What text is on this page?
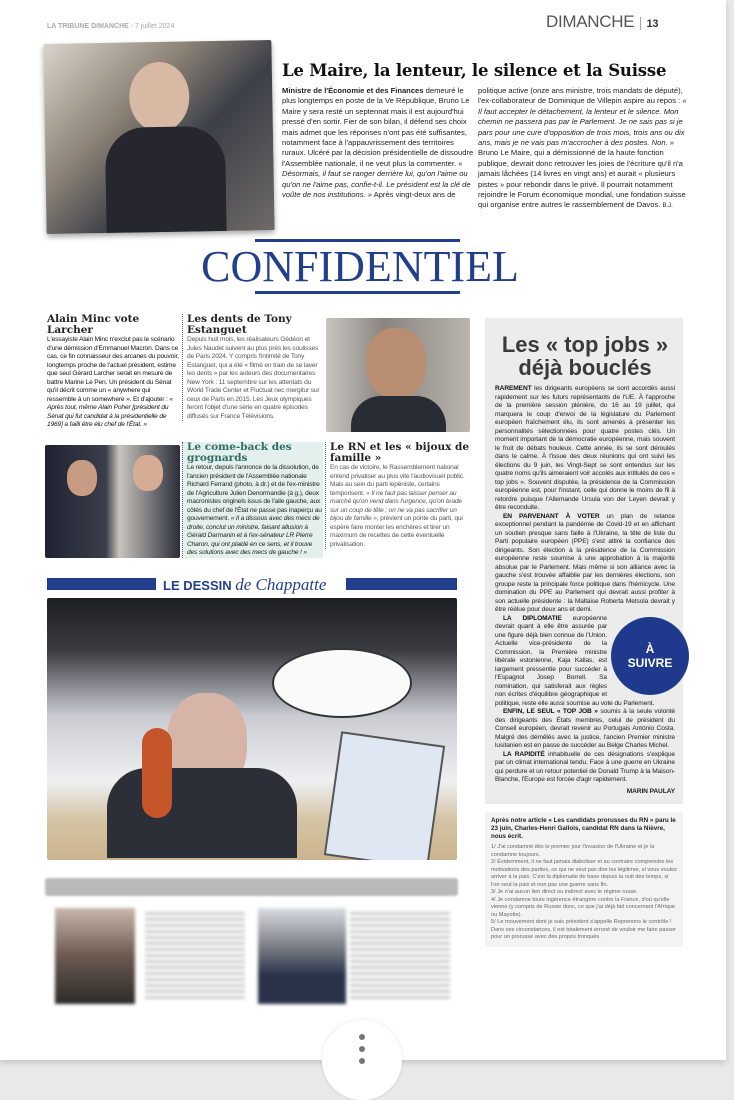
LA TRIBUNE DIMANCHE - 7 juillet 2024	DIMANCHE | 13
Le Maire, la lenteur, le silence et la Suisse
Ministre de l'Économie et des Finances demeuré le plus longtemps en poste de la Ve République, Bruno Le Maire y sera resté un septennat mais il est aujourd'hui pressé d'en sortir. Fier de son bilan, il défend ses choix mais admet que les réponses n'ont pas été suffisantes, notamment face à l'appauvrissement des territoires ruraux. Ulcéré par la décision présidentielle de dissoudre l'Assemblée nationale, il ne veut plus la commenter. « Désormais, il faut se ranger derrière lui, qu'on l'aime ou qu'on ne l'aime pas, confie-t-il. Le président est la clé de voûte de nos institutions. » Après vingt-deux ans de
politique active (onze ans ministre, trois mandats de député), l'ex-collaborateur de Dominique de Villepin aspire au repos : « Il faut accepter le détachement, la lenteur et le silence. Mon chemin ne passera pas par le Parlement. Je ne sais pas si je pars pour une cure d'opposition de trois mois, trois ans ou dix ans, mais je ne vais pas m'accrocher à des postes. Non. » Bruno Le Maire, qui a démissionné de la haute fonction publique, devrait donc retrouver les joies de l'écriture qu'il n'a jamais lâchées (14 livres en vingt ans) et aurait « plusieurs pistes » pour rebondir dans le privé. Il pourrait notamment rejoindre le Forum économique mondial, une fondation suisse qui organise entre autres le rassemblement de Davos. B.J.
CONFIDENTIEL
Alain Minc vote Larcher
L'essayiste Alain Minc n'exclut pas le scénario d'une démission d'Emmanuel Macron. Dans ce cas, ce fin connaisseur des arcanes du pouvoir, longtemps proche de l'actuel président, estime que seul Gérard Larcher serait en mesure de battre Marine Le Pen. Un président du Sénat qu'il décrit comme un « anywhere qui ressemble à un somewhere ». Et d'ajouter : « Après tout, même Alain Poher [président du Sénat qui fut candidat à la présidentielle de 1969] a failli être élu chef de l'État. »
Les dents de Tony Estanguet
Depuis huit mois, les réalisateurs Gédéon et Jules Naudet suivent au plus près les coulisses de Paris 2024. Y compris l'intimité de Tony Estanguet, qui a été « filmé en train de se laver les dents » par les auteurs des documentaires New York : 11 septembre sur les attentats du World Trade Center et Fluctuat nec mergitur sur ceux de Paris en 2015. Les Jeux olympiques feront l'objet d'une série en quatre épisodes diffusés sur France Télévisions.
Le come-back des grognards
Le retour, depuis l'annonce de la dissolution, de l'ancien président de l'Assemblée nationale Richard Ferrand (photo, à dr.) et de l'ex-ministre de l'Agriculture Julien Denormandie (à g.), deux macronistes originels issus de l'aile gauche, aux côtés du chef de l'État ne passe pas inaperçu au gouvernement. « Il a dissous avec des mecs de droite, conclut un ministre, faisant allusion à Gérald Darmanin et à l'ex-sénateur LR Pierre Charon, qui ont plaidé en ce sens, et il trouve des solutions avec des mecs de gauche ! »
Le RN et les « bijoux de famille »
En cas de victoire, le Rassemblement national entend privatiser au plus vite l'audiovisuel public. Mais au sein du parti lepéniste, certains temporisent. « Il ne faut pas laisser penser au marché qu'on vend dans l'urgence, qu'on brade sur un coup de tête ; on ne va pas sacrifier un bijou de famille », prévient un ponte du parti, qui espère faire monter les enchères et tirer un maximum de recettes de cette éventuelle privatisation.
LE DESSIN de Chappatte
Les « top jobs » déjà bouclés

RAREMENT les dirigeants européens se sont accordés aussi rapidement sur les futurs représentants de l'UE. À l'approche de la première session plénière, du 16 au 19 juillet, qui marquera le coup d'envoi de la législature du Parlement européen fraîchement élu, ils sont amenés à présenter les personnalités sélectionnées pour quatre postes clés. Un moment important de la démocratie européenne, mais souvent le fruit de débats houleux. Cette année, ils se sont déroulés dans le calme. À l'issue des deux réunions qui ont suivi les élections du 9 juin, les Vingt-Sept se sont entendus sur les quatre noms qu'ils aimeraient voir accolés aux intitulés de ces « top jobs ». Souvent disputée, la présidence de la Commission européenne est, pour l'instant, celle qui donne le moins de fil à retordre puisque l'Allemande Ursula von der Leyen devrait y être reconduite.

EN PARVENANT À VOTER un plan de relance exceptionnel pendant la pandémie de Covid-19 et en affichant un soutien presque sans faille à l'Ukraine, la tête de liste du Parti populaire européen (PPE) s'est attiré la confiance des dirigeants. Son élection à la présidence de la Commission européenne reste soumise à une approbation à la majorité absolue par le Parlement. Mais même si son alliance avec la gauche s'est trouvée affaiblie par les dernières élections, son groupe reste la principale force politique dans l'hémicycle. Une domination du PPE au Parlement qui devrait aussi profiter à son actuelle présidente : la Maltaise Roberta Metsola devrait y être réélue pour deux ans et demi.

À SUIVRE
LA DIPLOMATIE européenne devrait quant à elle être assurée par une figure déjà bien connue de l'Union. Actuelle vice-présidente de la Commission, la Première ministre libérale estonienne, Kaja Kallas, est largement pressentie pour succéder à l'Espagnol Josep Borrell. Sa nomination, qui satisferait aux règles non écrites d'équilibre géographique et politique, reste elle aussi soumise au vote du Parlement.

ENFIN, LE SEUL « TOP JOB » soumis à la seule volonté des dirigeants des États membres, celui de président du Conseil européen, devrait revenir au Portugais António Costa. Malgré des démêlés avec la justice, l'ancien Premier ministre lusitanien est en passe de succéder au Belge Charles Michel.

LA RAPIDITÉ inhabituelle de ces désignations s'explique par un climat international tendu. Face à une guerre en Ukraine qui perdure et un retour potentiel de Donald Trump à la Maison-Blanche, l'Europe est forcée d'agir rapidement.

MARIN PAULAY

Après notre article « Les candidats prorusses du RN » paru le 23 juin, Charles-Henri Gallois, candidat RN dans la Nièvre, nous écrit.

1/ J'ai condamné dès le premier jour l'invasion de l'Ukraine et je la condamne toujours.

2/ Évidemment, il ne faut jamais diaboliser et au contraire comprendre les motivations des parties, ce qui ne veut pas dire les légitimer, si vous voulez arriver à la paix. C'est la diplomatie de base depuis la nuit des temps, si l'on veut la paix et non pas une guerre sans fin.

3/ Je n'ai aucun lien direct ou indirect avec le régime russe.

4/ Je condamne toute ingérence étrangère contre la France, d'où qu'elle vienne (y compris de Russie donc, ce que j'ai déjà fait concernant l'Afrique ou Mayotte).

5/ Le mouvement dont je suis président s'appelle Reprenons le contrôle !

Dans ces circonstances, il est totalement erroné de vouloir me faire passer pour un prorusse avec des propos tronqués.
